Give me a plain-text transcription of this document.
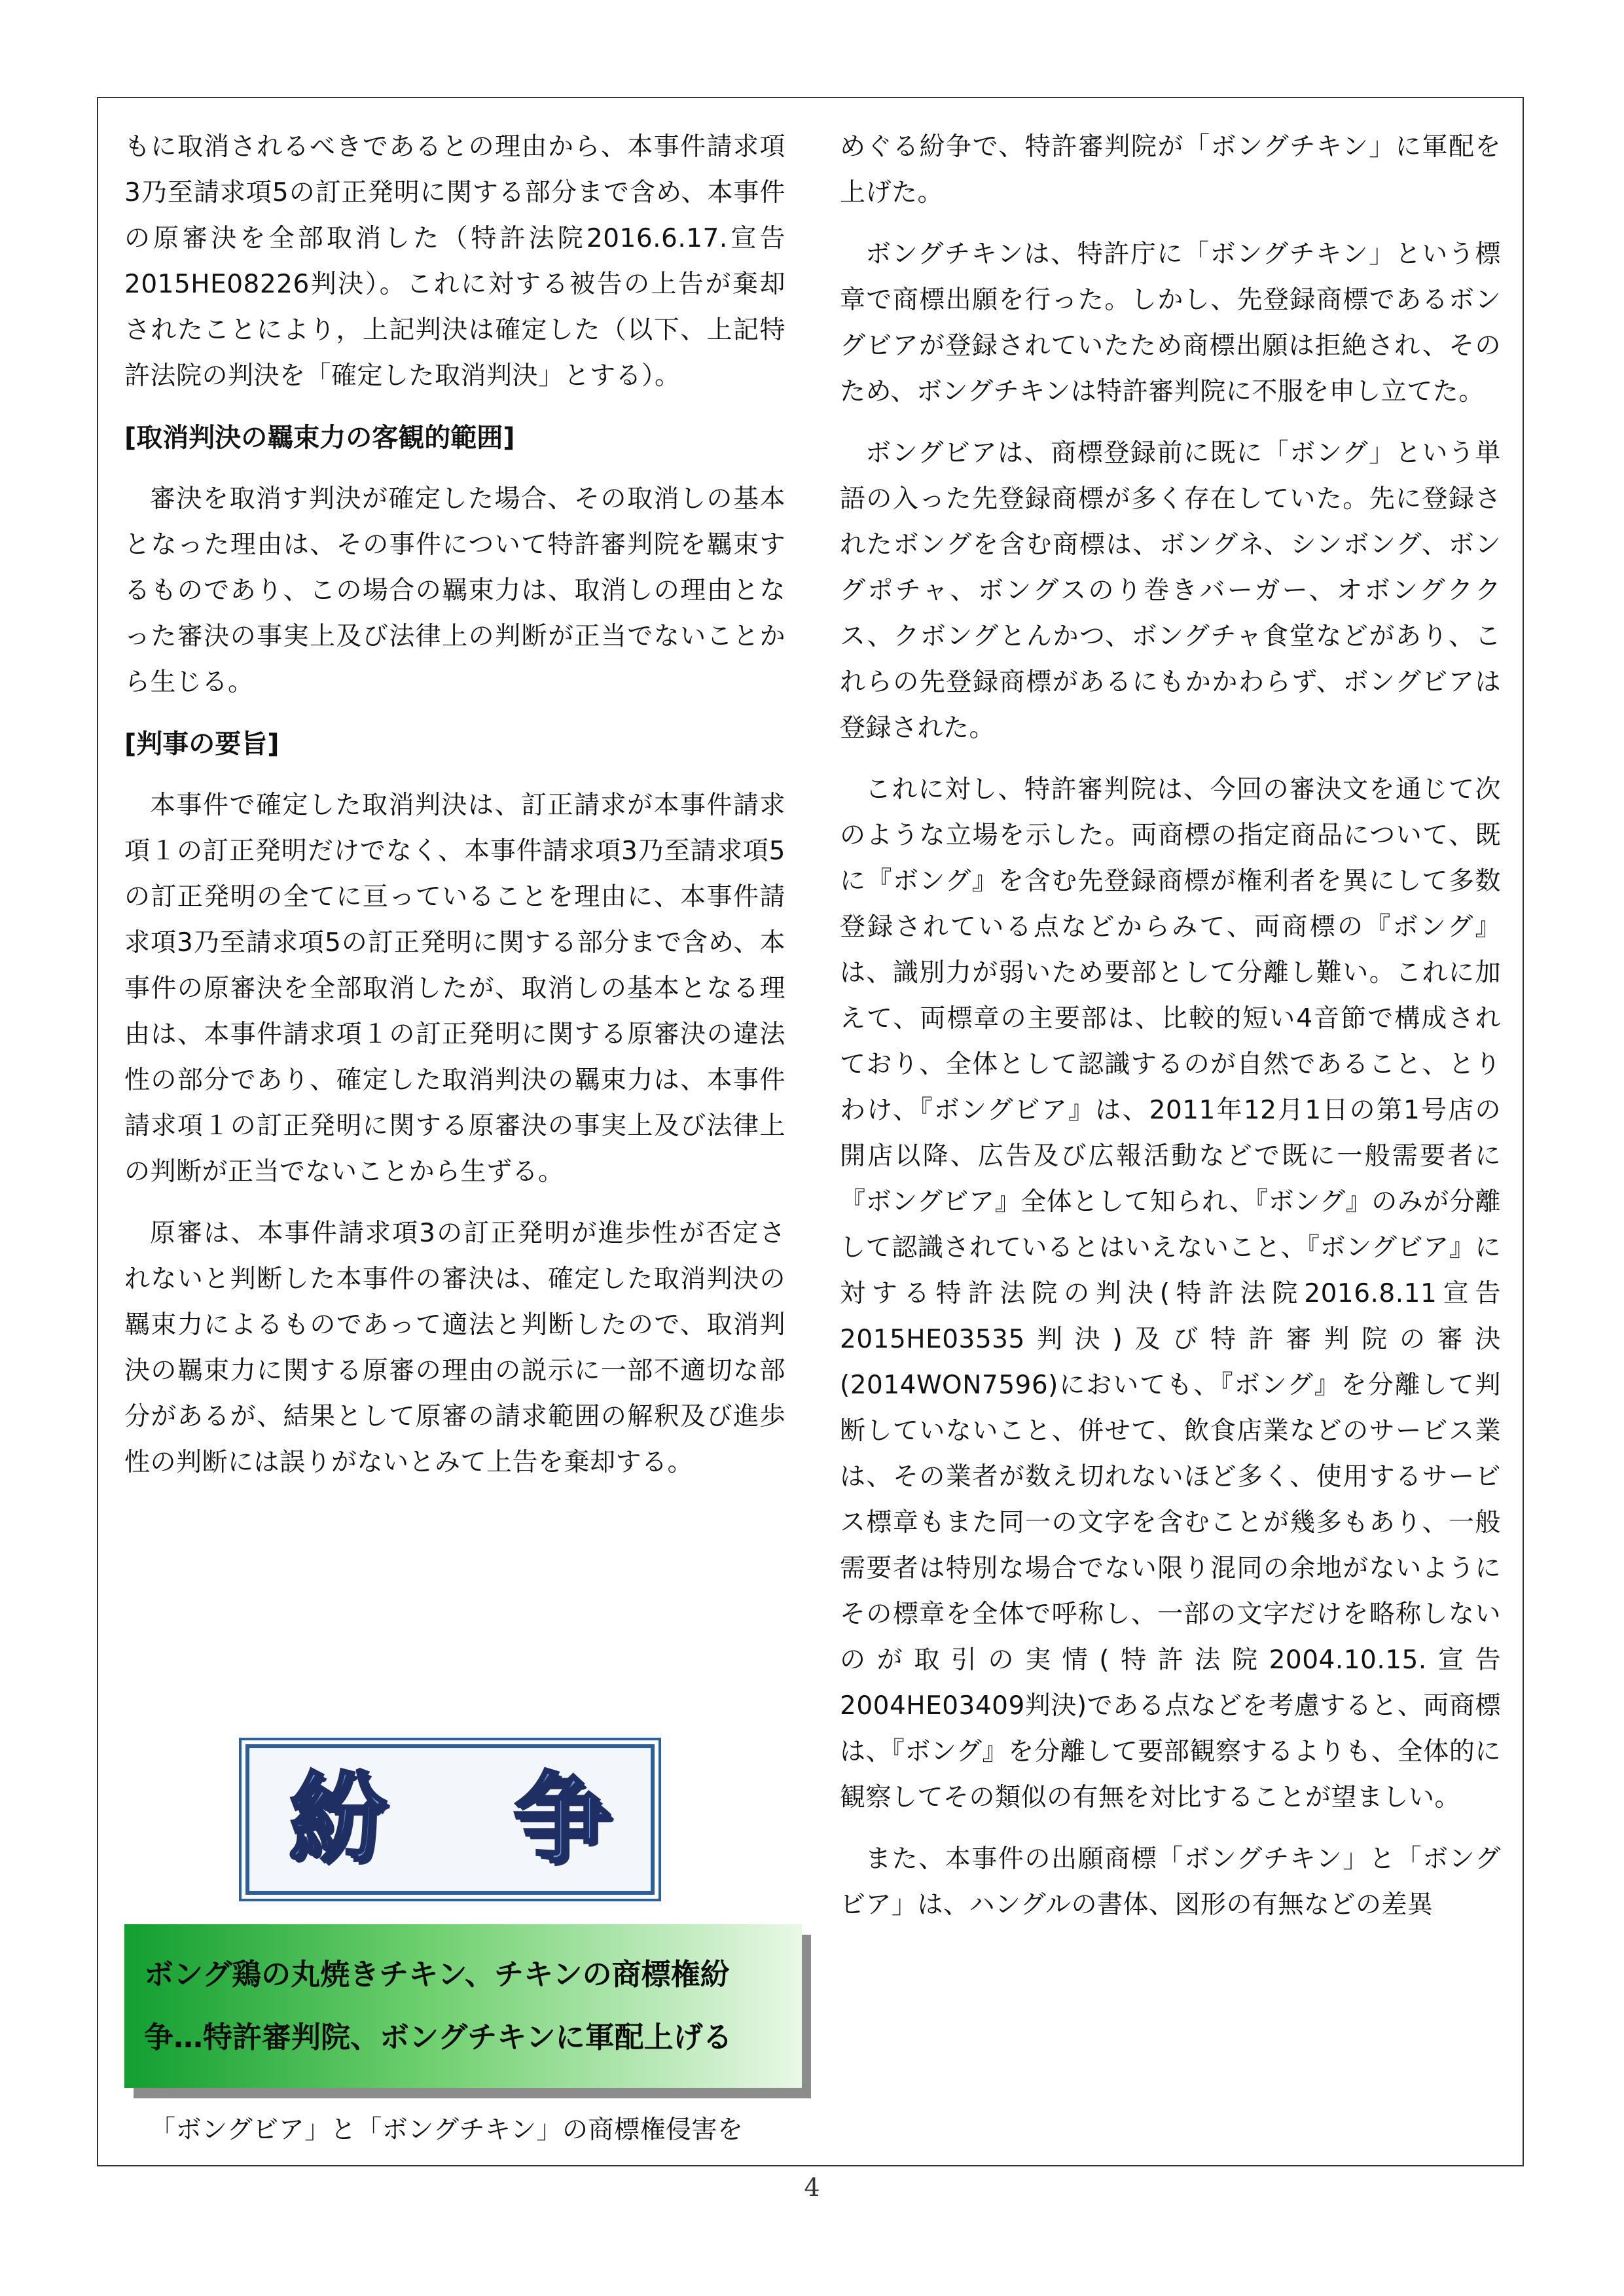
もに取消されるべきであるとの理由から、本事件請求項3乃至請求項5の訂正発明に関する部分まで含め、本事件の原審決を全部取消した（特許法院2016.6.17.宣告2015HE08226判決）。これに対する被告の上告が棄却されたことにより，上記判決は確定した（以下、上記特許法院の判決を「確定した取消判決」とする）。

[取消判決の羈束力の客観的範囲]

審決を取消す判決が確定した場合、その取消しの基本となった理由は、その事件について特許審判院を羈束するものであり、この場合の羈束力は、取消しの理由となった審決の事実上及び法律上の判断が正当でないことから生じる。

[判事の要旨]

本事件で確定した取消判決は、訂正請求が本事件請求項１の訂正発明だけでなく、本事件請求項3乃至請求項5の訂正発明の全てに亘っていることを理由に、本事件請求項3乃至請求項5の訂正発明に関する部分まで含め、本事件の原審決を全部取消したが、取消しの基本となる理由は、本事件請求項１の訂正発明に関する原審決の違法性の部分であり、確定した取消判決の羈束力は、本事件請求項１の訂正発明に関する原審決の事実上及び法律上の判断が正当でないことから生ずる。

原審は、本事件請求項3の訂正発明が進歩性が否定されないと判断した本事件の審決は、確定した取消判決の羈束力によるものであって適法と判断したので、取消判決の羈束力に関する原審の理由の説示に一部不適切な部分があるが、結果として原審の請求範囲の解釈及び進歩性の判断には誤りがないとみて上告を棄却する。

紛 争
ボング鶏の丸焼きチキン、チキンの商標権紛
争…特許審判院、ボングチキンに軍配上げる

「ボングビア」と「ボングチキン」の商標権侵害を

めぐる紛争で、特許審判院が「ボングチキン」に軍配を上げた。

ボングチキンは、特許庁に「ボングチキン」という標章で商標出願を行った。しかし、先登録商標であるボングビアが登録されていたため商標出願は拒絶され、そのため、ボングチキンは特許審判院に不服を申し立てた。

ボングビアは、商標登録前に既に「ボング」という単語の入った先登録商標が多く存在していた。先に登録されたボングを含む商標は、ボングネ、シンボング、ボングポチャ、ボングスのり巻きバーガー、オボングククス、クボングとんかつ、ボングチャ食堂などがあり、これらの先登録商標があるにもかかわらず、ボングビアは登録された。

これに対し、特許審判院は、今回の審決文を通じて次のような立場を示した。両商標の指定商品について、既に『ボング』を含む先登録商標が権利者を異にして多数登録されている点などからみて、両商標の『ボング』は、識別力が弱いため要部として分離し難い。これに加えて、両標章の主要部は、比較的短い4音節で構成されており、全体として認識するのが自然であること、とりわけ、『ボングビア』は、2011年12月1日の第1号店の開店以降、広告及び広報活動などで既に一般需要者に『ボングビア』全体として知られ、『ボング』のみが分離して認識されているとはいえないこと、『ボングビア』に対する特許法院の判決(特許法院2016.8.11宣告2015HE03535判決)及び特許審判院の審決(2014WON7596)においても、『ボング』を分離して判断していないこと、併せて、飲食店業などのサービス業は、その業者が数え切れないほど多く、使用するサービス標章もまた同一の文字を含むことが幾多もあり、一般需要者は特別な場合でない限り混同の余地がないようにその標章を全体で呼称し、一部の文字だけを略称しないのが取引の実情(特許法院2004.10.15.宣告2004HE03409判決)である点などを考慮すると、両商標は、『ボング』を分離して要部観察するよりも、全体的に観察してその類似の有無を対比することが望ましい。

また、本事件の出願商標「ボングチキン」と「ボングビア」は、ハングルの書体、図形の有無などの差異

4
